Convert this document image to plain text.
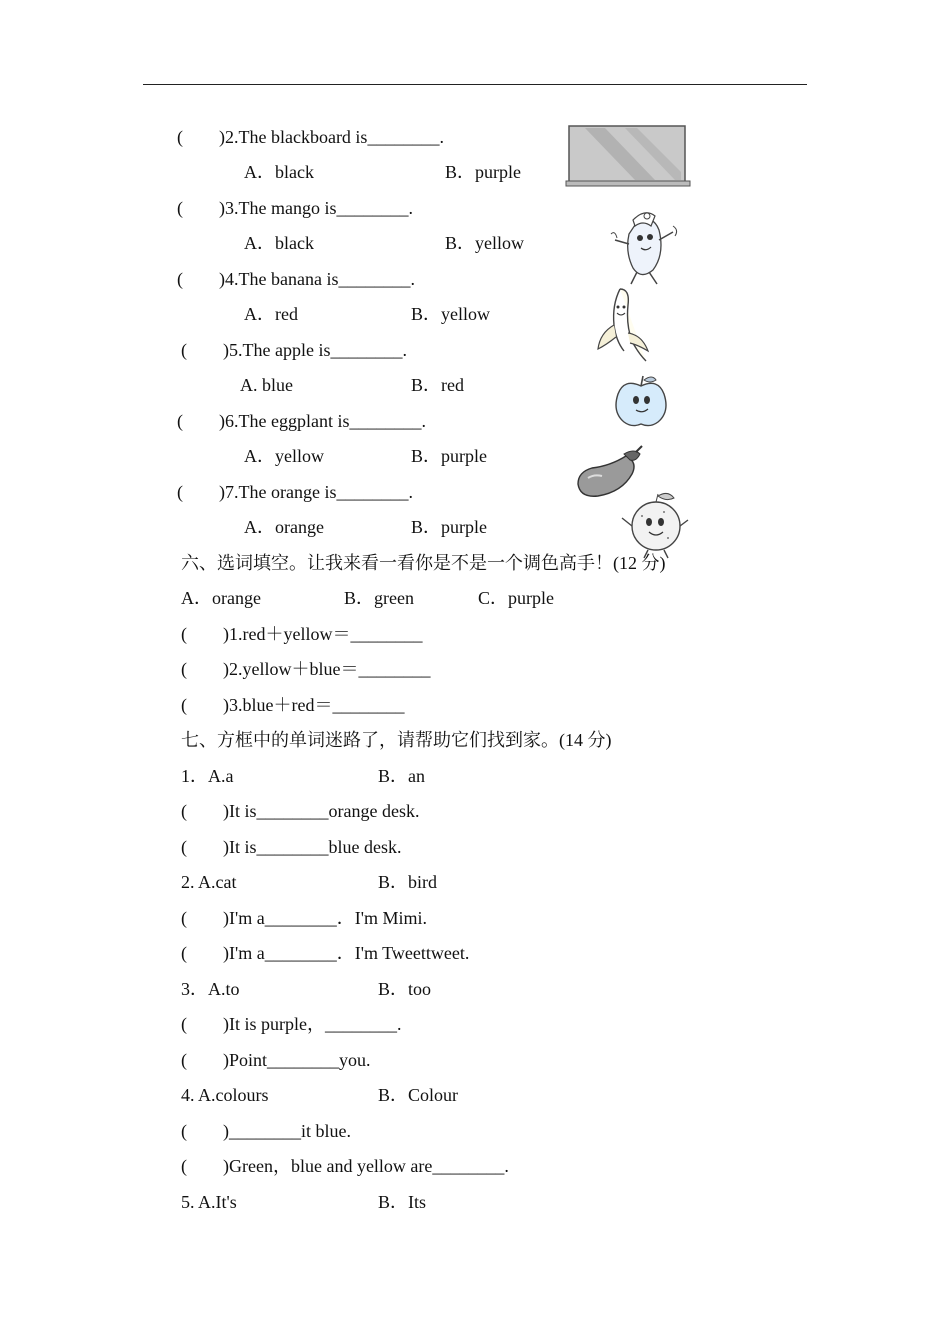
(        )2.The blackboard is________.
A．black	B．purple
(        )3.The mango is________.
A．black	B．yellow
(        )4.The banana is________.
A．red	B．yellow
(        )5.The apple is________.
A. blue	B．red
(        )6.The eggplant is________.
A．yellow	B．purple
(        )7.The orange is________.
A．orange	B．purple
六、选词填空。让我来看一看你是不是一个调色高手！(12 分)
A．orange	B．green	C．purple
(        )1.red＋yellow＝________
(        )2.yellow＋blue＝________
(        )3.blue＋red＝________
七、方框中的单词迷路了，请帮助它们找到家。(14 分)
1．A.a	B．an
(        )It is________orange desk.
(        )It is________blue desk.
2. A.cat	B．bird
(        )I'm a________．I'm Mimi.
(        )I'm a________．I'm Tweettweet.
3．A.to	B．too
(        )It is purple，________.
(        )Point________you.
4. A.colours	B．Colour
(        )________it blue.
(        )Green，blue and yellow are________.
5. A.It's	B．Its
